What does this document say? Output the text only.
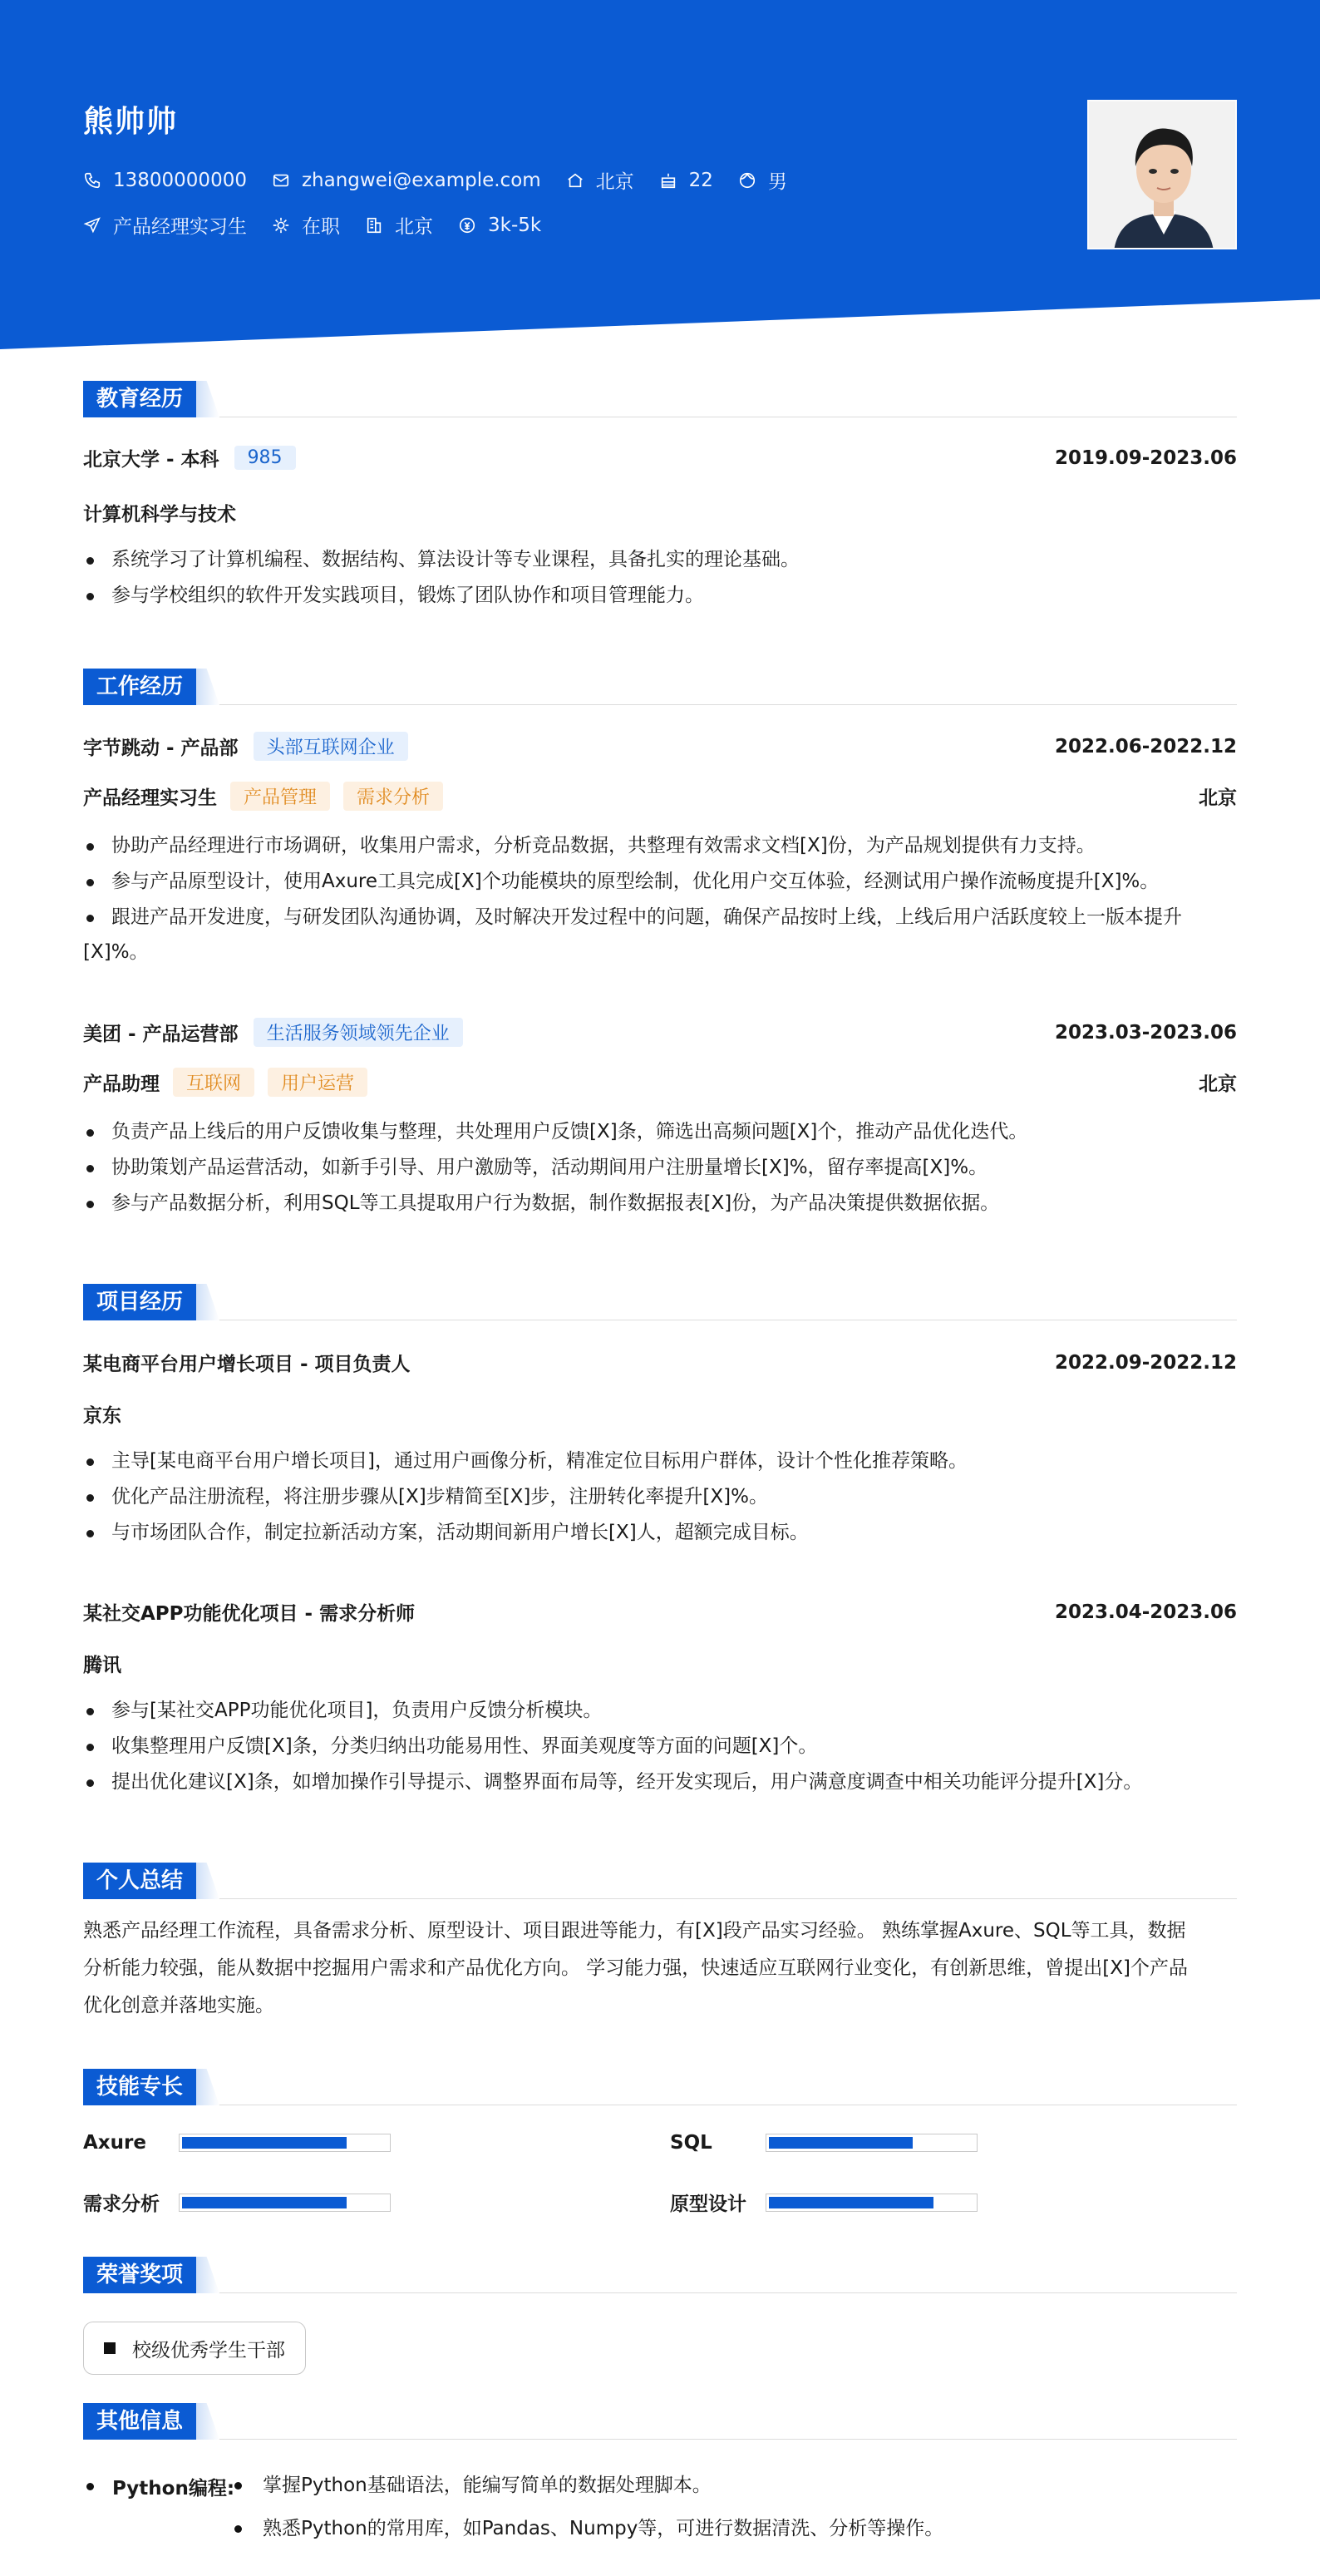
熊帅帅
13800000000	zhangwei@example.com	北京	22	男
产品经理实习生	在职	北京	3k-5k
教育经历
北京大学 - 本科	985	2019.09-2023.06
计算机科学与技术
系统学习了计算机编程、数据结构、算法设计等专业课程，具备扎实的理论基础。
参与学校组织的软件开发实践项目，锻炼了团队协作和项目管理能力。
工作经历
字节跳动 - 产品部	头部互联网企业	2022.06-2022.12
产品经理实习生	产品管理	需求分析	北京
协助产品经理进行市场调研，收集用户需求，分析竞品数据，共整理有效需求文档[X]份，为产品规划提供有力支持。
参与产品原型设计，使用Axure工具完成[X]个功能模块的原型绘制，优化用户交互体验，经测试用户操作流畅度提升[X]%。
跟进产品开发进度，与研发团队沟通协调，及时解决开发过程中的问题，确保产品按时上线，上线后用户活跃度较上一版本提升
[X]%。
美团 - 产品运营部	生活服务领域领先企业	2023.03-2023.06
产品助理	互联网	用户运营	北京
负责产品上线后的用户反馈收集与整理，共处理用户反馈[X]条，筛选出高频问题[X]个，推动产品优化迭代。
协助策划产品运营活动，如新手引导、用户激励等，活动期间用户注册量增长[X]%，留存率提高[X]%。
参与产品数据分析，利用SQL等工具提取用户行为数据，制作数据报表[X]份，为产品决策提供数据依据。
项目经历
某电商平台用户增长项目 - 项目负责人	2022.09-2022.12
京东
主导[某电商平台用户增长项目]，通过用户画像分析，精准定位目标用户群体，设计个性化推荐策略。
优化产品注册流程，将注册步骤从[X]步精简至[X]步，注册转化率提升[X]%。
与市场团队合作，制定拉新活动方案，活动期间新用户增长[X]人，超额完成目标。
某社交APP功能优化项目 - 需求分析师	2023.04-2023.06
腾讯
参与[某社交APP功能优化项目]，负责用户反馈分析模块。
收集整理用户反馈[X]条，分类归纳出功能易用性、界面美观度等方面的问题[X]个。
提出优化建议[X]条，如增加操作引导提示、调整界面布局等，经开发实现后，用户满意度调查中相关功能评分提升[X]分。
个人总结
熟悉产品经理工作流程，具备需求分析、原型设计、项目跟进等能力，有[X]段产品实习经验。 熟练掌握Axure、SQL等工具，数据
分析能力较强，能从数据中挖掘用户需求和产品优化方向。 学习能力强，快速适应互联网行业变化，有创新思维，曾提出[X]个产品
优化创意并落地实施。
技能专长
Axure	SQL
需求分析	原型设计
荣誉奖项
校级优秀学生干部
其他信息
Python编程:	掌握Python基础语法，能编写简单的数据处理脚本。
熟悉Python的常用库，如Pandas、Numpy等，可进行数据清洗、分析等操作。
